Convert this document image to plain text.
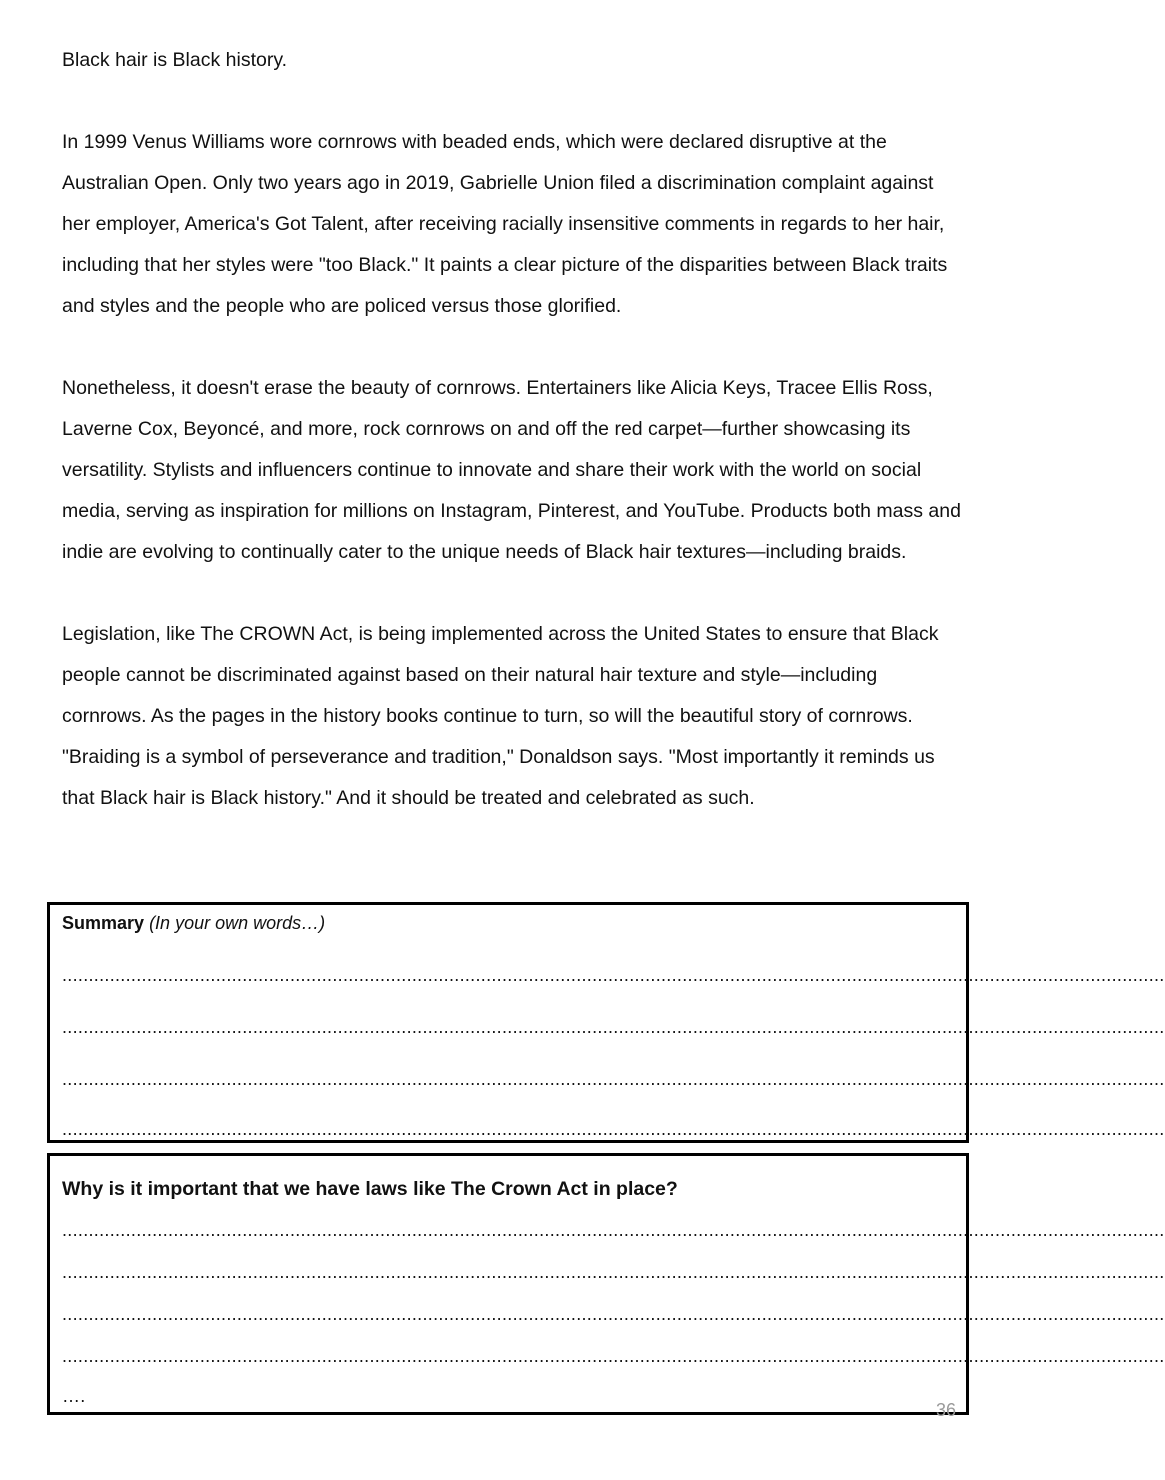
Black hair is Black history.

In 1999 Venus Williams wore cornrows with beaded ends, which were declared disruptive at the Australian Open. Only two years ago in 2019, Gabrielle Union filed a discrimination complaint against her employer, America's Got Talent, after receiving racially insensitive comments in regards to her hair, including that her styles were "too Black." It paints a clear picture of the disparities between Black traits and styles and the people who are policed versus those glorified.

Nonetheless, it doesn't erase the beauty of cornrows. Entertainers like Alicia Keys, Tracee Ellis Ross, Laverne Cox, Beyoncé, and more, rock cornrows on and off the red carpet—further showcasing its versatility. Stylists and influencers continue to innovate and share their work with the world on social media, serving as inspiration for millions on Instagram, Pinterest, and YouTube. Products both mass and indie are evolving to continually cater to the unique needs of Black hair textures—including braids.

Legislation, like The CROWN Act, is being implemented across the United States to ensure that Black people cannot be discriminated against based on their natural hair texture and style—including cornrows. As the pages in the history books continue to turn, so will the beautiful story of cornrows. "Braiding is a symbol of perseverance and tradition," Donaldson says. "Most importantly it reminds us that Black hair is Black history." And it should be treated and celebrated as such.

Summary (In your own words…)
................................................................................................................................................................................................................
................................................................................................................................................................................................................
................................................................................................................................................................................................................
................................................................................................................................................................................................................
Why is it important that we have laws like The Crown Act in place?
................................................................................................................................................................................................................
................................................................................................................................................................................................................
................................................................................................................................................................................................................
................................................................................................................................................................................................................
….
36
